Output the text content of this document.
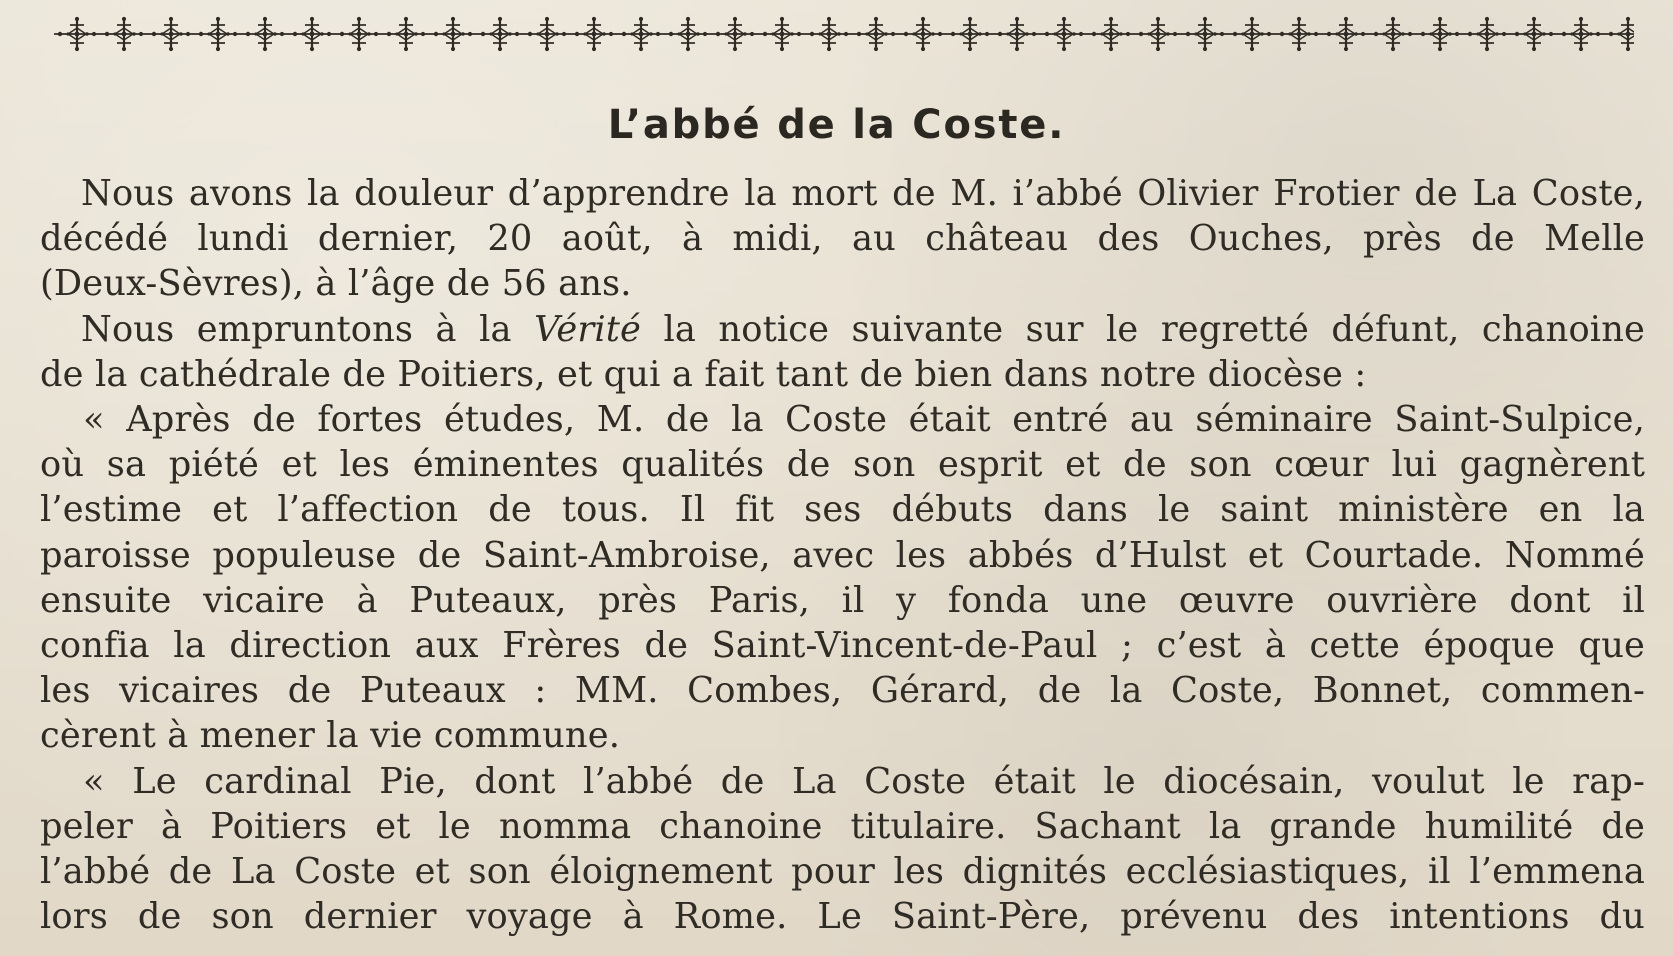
L’abbé de la Coste.
Nous avons la douleur d’apprendre la mort de M. i’abbé Olivier Frotier de La Coste,
décédé lundi dernier, 20 août, à midi, au château des Ouches, près de Melle
(Deux-Sèvres), à l’âge de 56 ans.
Nous empruntons à la Vérité la notice suivante sur le regretté défunt, chanoine
de la cathédrale de Poitiers, et qui a fait tant de bien dans notre diocèse :
« Après de fortes études, M. de la Coste était entré au séminaire Saint-Sulpice,
où sa piété et les éminentes qualités de son esprit et de son cœur lui gagnèrent
l’estime et l’affection de tous. Il fit ses débuts dans le saint ministère en la
paroisse populeuse de Saint-Ambroise, avec les abbés d’Hulst et Courtade. Nommé
ensuite vicaire à Puteaux, près Paris, il y fonda une œuvre ouvrière dont il
confia la direction aux Frères de Saint-Vincent-de-Paul ; c’est à cette époque que
les vicaires de Puteaux : MM. Combes, Gérard, de la Coste, Bonnet, commen-
cèrent à mener la vie commune.
« Le cardinal Pie, dont l’abbé de La Coste était le diocésain, voulut le rap-
peler à Poitiers et le nomma chanoine titulaire. Sachant la grande humilité de
l’abbé de La Coste et son éloignement pour les dignités ecclésiastiques, il l’emmena
lors de son dernier voyage à Rome. Le Saint-Père, prévenu des intentions du
